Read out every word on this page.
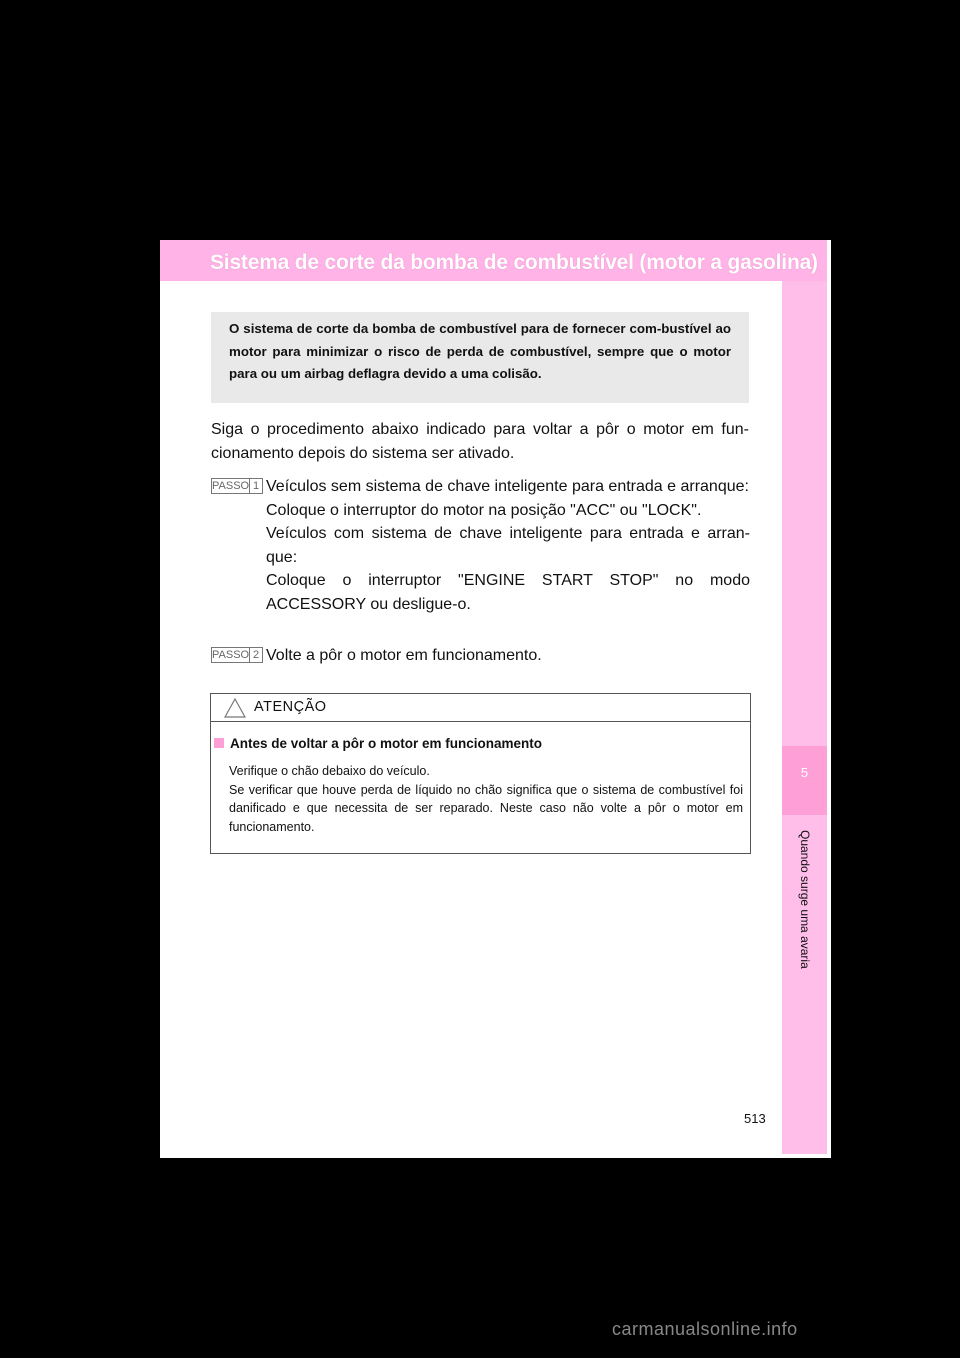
Sistema de corte da bomba de combustível (motor a gasolina)
5
Quando surge uma avaria

O sistema de corte da bomba de combustível para de fornecer com-bustível ao motor para minimizar o risco de perda de combustível, sempre que o motor para ou um airbag deflagra devido a uma colisão.

Siga o procedimento abaixo indicado para voltar a pôr o motor em fun-cionamento depois do sistema ser ativado.

PASSO 1 Veículos sem sistema de chave inteligente para entrada e arranque:

Coloque o interruptor do motor na posição "ACC" ou "LOCK".

Veículos com sistema de chave inteligente para entrada e arran-que:

Coloque o interruptor "ENGINE START STOP" no modo ACCESSORY ou desligue-o.

PASSO 2 Volte a pôr o motor em funcionamento.

ATENÇÃO
Antes de voltar a pôr o motor em funcionamento
Verifique o chão debaixo do veículo.
Se verificar que houve perda de líquido no chão significa que o sistema de combustível foi danificado e que necessita de ser reparado. Neste caso não volte a pôr o motor em funcionamento.
513
carmanualsonline.info
